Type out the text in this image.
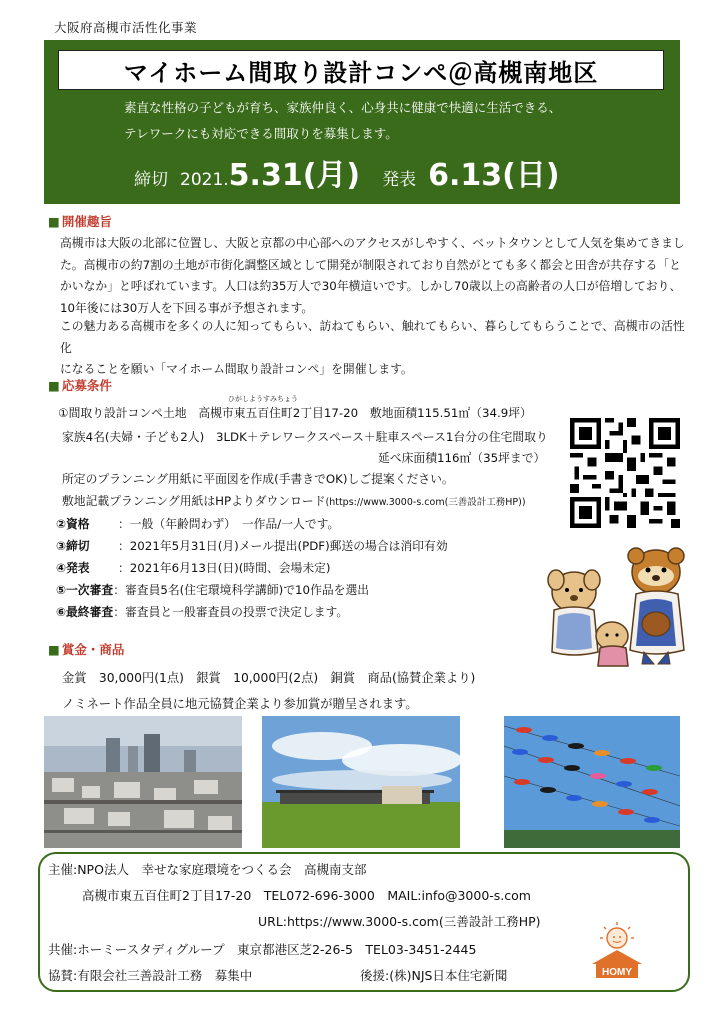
大阪府高槻市活性化事業
マイホーム間取り設計コンペ＠高槻南地区
素直な性格の子どもが育ち、家族仲良く、心身共に健康で快適に生活できる、
テレワークにも対応できる間取りを募集します。
締切 2021. 5.31(月) 発表 6.13(日)
■ 開催趣旨
高槻市は大阪の北部に位置し、大阪と京都の中心部へのアクセスがしやすく、ベットタウンとして人気を集めてきまし
た。高槻市の約7割の土地が市街化調整区域として開発が制限されており自然がとても多く都会と田舎が共存する「と
かいなか」と呼ばれています。人口は約35万人で30年横這いです。しかし70歳以上の高齢者の人口が倍増しており、
10年後には30万人を下回る事が予想されます。
この魅力ある高槻市を多くの人に知ってもらい、訪ねてもらい、触れてもらい、暮らしてもらうことで、高槻市の活性化
になることを願い「マイホーム間取り設計コンペ」を開催します。
■ 応募条件
ひがしようすみちょう
①間取り設計コンペ土地　高槻市東五百住町2丁目17-20　敷地面積115.51㎡（34.9坪）
家族4名(夫婦・子ども2人)　3LDK＋テレワークスペース＋駐車スペース1台分の住宅間取り
延べ床面積116㎡（35坪まで）
所定のプランニング用紙に平面図を作成(手書きでOK)しご提案ください。
敷地記載プランニング用紙はHPよりダウンロード(https://www.3000-s.com(三善設計工務HP))
②資格 ：一般（年齢問わず）　一作品/一人です。
③締切 ：2021年5月31日(月)メール提出(PDF)郵送の場合は消印有効
④発表 ：2021年6月13日(日)(時間、会場未定)
⑤一次審査：審査員5名(住宅環境科学講師)で10作品を選出
⑥最終審査：審査員と一般審査員の投票で決定します。
■ 賞金・商品
金賞　30,000円(1点)　銀賞　10,000円(2点)　銅賞　商品(協賛企業より)
ノミネート作品全員に地元協賛企業より参加賞が贈呈されます。
主催:NPO法人　幸せな家庭環境をつくる会　高槻南支部
高槻市東五百住町2丁目17-20　TEL072-696-3000　MAIL:info@3000-s.com
URL:https://www.3000-s.com(三善設計工務HP)
共催:ホーミースタディグループ　東京都港区芝2-26-5　TEL03-3451-2445
協賛:有限会社三善設計工務　募集中	後援:(株)NJS日本住宅新聞	HOMY
